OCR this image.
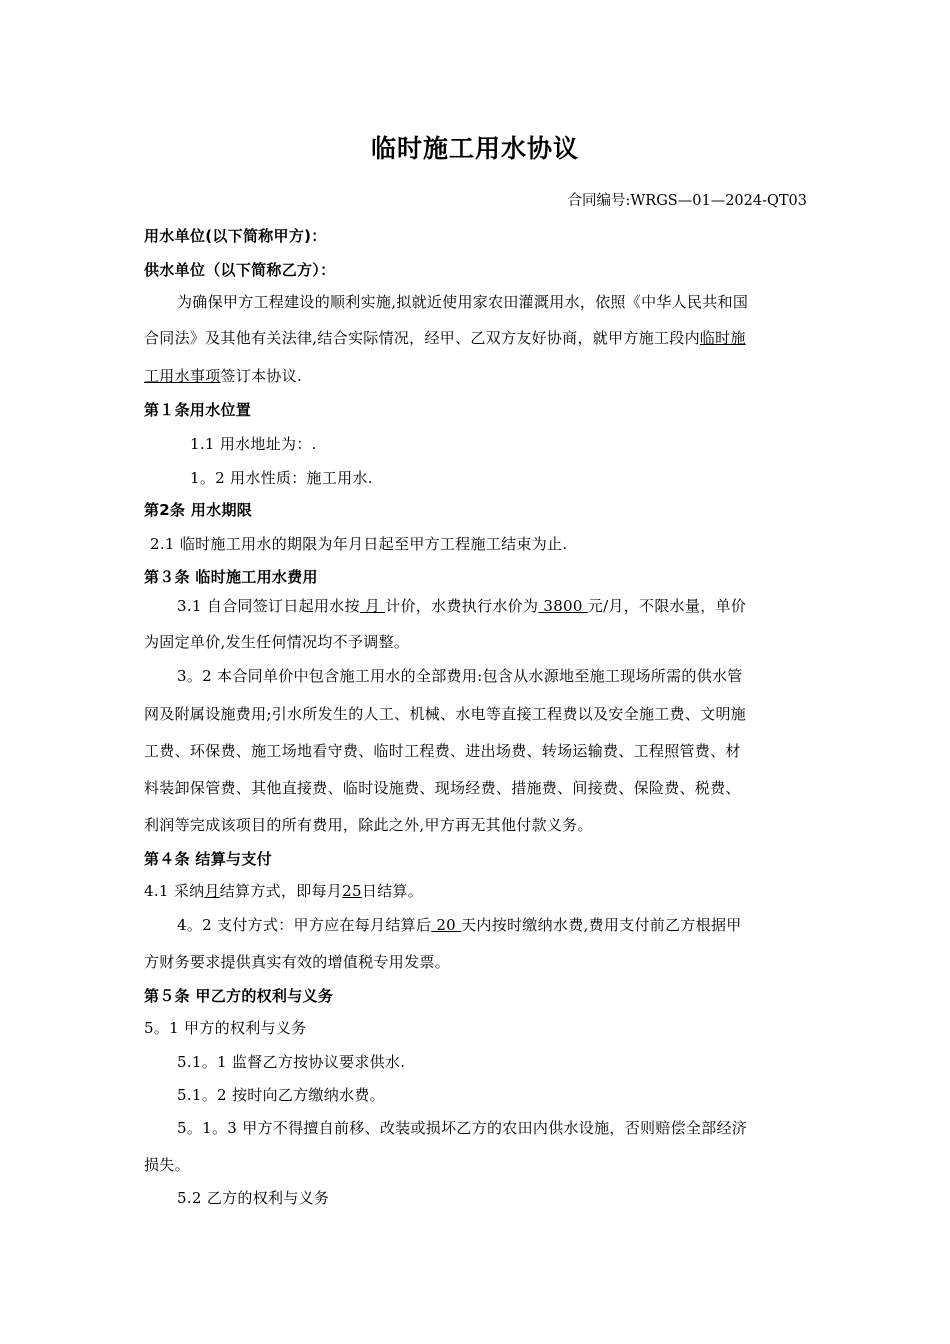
临时施工用水协议
合同编号:WRGS—01—2024-QT03
用水单位(以下简称甲方)：
供水单位（以下简称乙方）：
为确保甲方工程建设的顺利实施,拟就近使用家农田灌溉用水，依照《中华人民共和国
合同法》及其他有关法律,结合实际情况，经甲、乙双方友好协商，就甲方施工段内临时施
工用水事项签订本协议.
第１条用水位置
1.1 用水地址为：.
1。2 用水性质：施工用水.
第2条 用水期限
2.1 临时施工用水的期限为年月日起至甲方工程施工结束为止.
第３条 临时施工用水费用
3.1 自合同签订日起用水按 月 计价，水费执行水价为 3800 元/月，不限水量，单价
为固定单价,发生任何情况均不予调整。
3。2 本合同单价中包含施工用水的全部费用:包含从水源地至施工现场所需的供水管
网及附属设施费用;引水所发生的人工、机械、水电等直接工程费以及安全施工费、文明施
工费、环保费、施工场地看守费、临时工程费、进出场费、转场运输费、工程照管费、材
料装卸保管费、其他直接费、临时设施费、现场经费、措施费、间接费、保险费、税费、
利润等完成该项目的所有费用，除此之外,甲方再无其他付款义务。
第４条 结算与支付
4.1 采纳月结算方式，即每月25日结算。
4。2 支付方式：甲方应在每月结算后 20 天内按时缴纳水费,费用支付前乙方根据甲
方财务要求提供真实有效的增值税专用发票。
第５条 甲乙方的权利与义务
5。1 甲方的权利与义务
5.1。1 监督乙方按协议要求供水.
5.1。2 按时向乙方缴纳水费。
5。1。3 甲方不得擅自前移、改装或损坏乙方的农田内供水设施，否则赔偿全部经济
损失。
5.2 乙方的权利与义务
